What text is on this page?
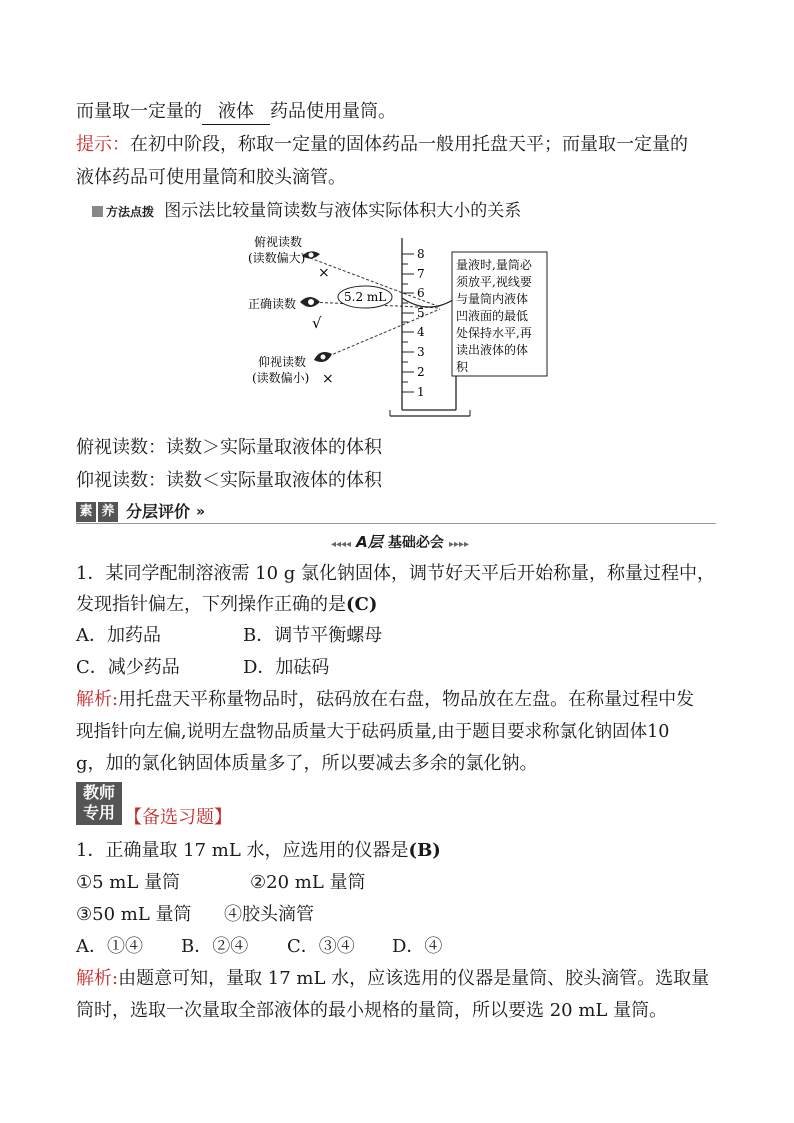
而量取一定量的 液体 药品使用量筒。
提示：在初中阶段，称取一定量的固体药品一般用托盘天平；而量取一定量的
液体药品可使用量筒和胶头滴管。
方法点拨 图示法比较量筒读数与液体实际体积大小的关系
8
7
6
5
4
3
2
1
5.2 mL
俯视读数
(读数偏大)
×
正确读数
√
仰视读数
(读数偏小) ×
量液时,量筒必
须放平,视线要
与量筒内液体
凹液面的最低
处保持水平,再
读出液体的体
积
俯视读数：读数＞实际量取液体的体积
仰视读数：读数＜实际量取液体的体积
素 养 分层评价 »
◂◂◂◂ A层 基础必会 ▸▸▸▸
1．某同学配制溶液需 10 g 氯化钠固体，调节好天平后开始称量，称量过程中，
发现指针偏左，下列操作正确的是(C)
A．加药品	B．调节平衡螺母
C．减少药品	D．加砝码
解析:用托盘天平称量物品时，砝码放在右盘，物品放在左盘。在称量过程中发
现指针向左偏,说明左盘物品质量大于砝码质量,由于题目要求称氯化钠固体10
g，加的氯化钠固体质量多了，所以要减去多余的氯化钠。
教师
专用 【备选习题】
1．正确量取 17 mL 水，应选用的仪器是(B)
①5 mL 量筒	②20 mL 量筒
③50 mL 量筒 ④胶头滴管
A．①④ B．②④ C．③④ D．④
解析:由题意可知，量取 17 mL 水，应该选用的仪器是量筒、胶头滴管。选取量
筒时，选取一次量取全部液体的最小规格的量筒，所以要选 20 mL 量筒。
